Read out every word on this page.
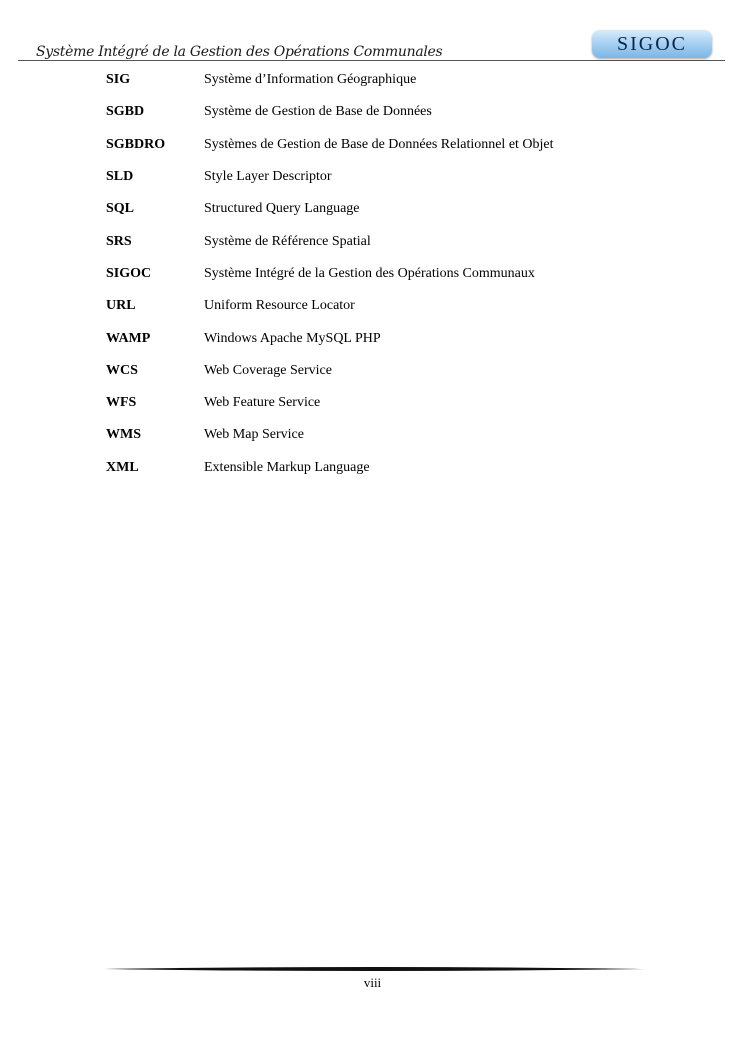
Système Intégré de la Gestion des Opérations Communales	SIGOC
SIG	Système d’Information Géographique
SGBD	Système de Gestion de Base de Données
SGBDRO	Systèmes de Gestion de Base de Données Relationnel et Objet
SLD	Style Layer Descriptor
SQL	Structured Query Language
SRS	Système de Référence Spatial
SIGOC	Système Intégré de la Gestion des Opérations Communaux
URL	Uniform Resource Locator
WAMP	Windows Apache MySQL PHP
WCS	Web Coverage Service
WFS	Web Feature Service
WMS	Web Map Service
XML	Extensible Markup Language
viii
